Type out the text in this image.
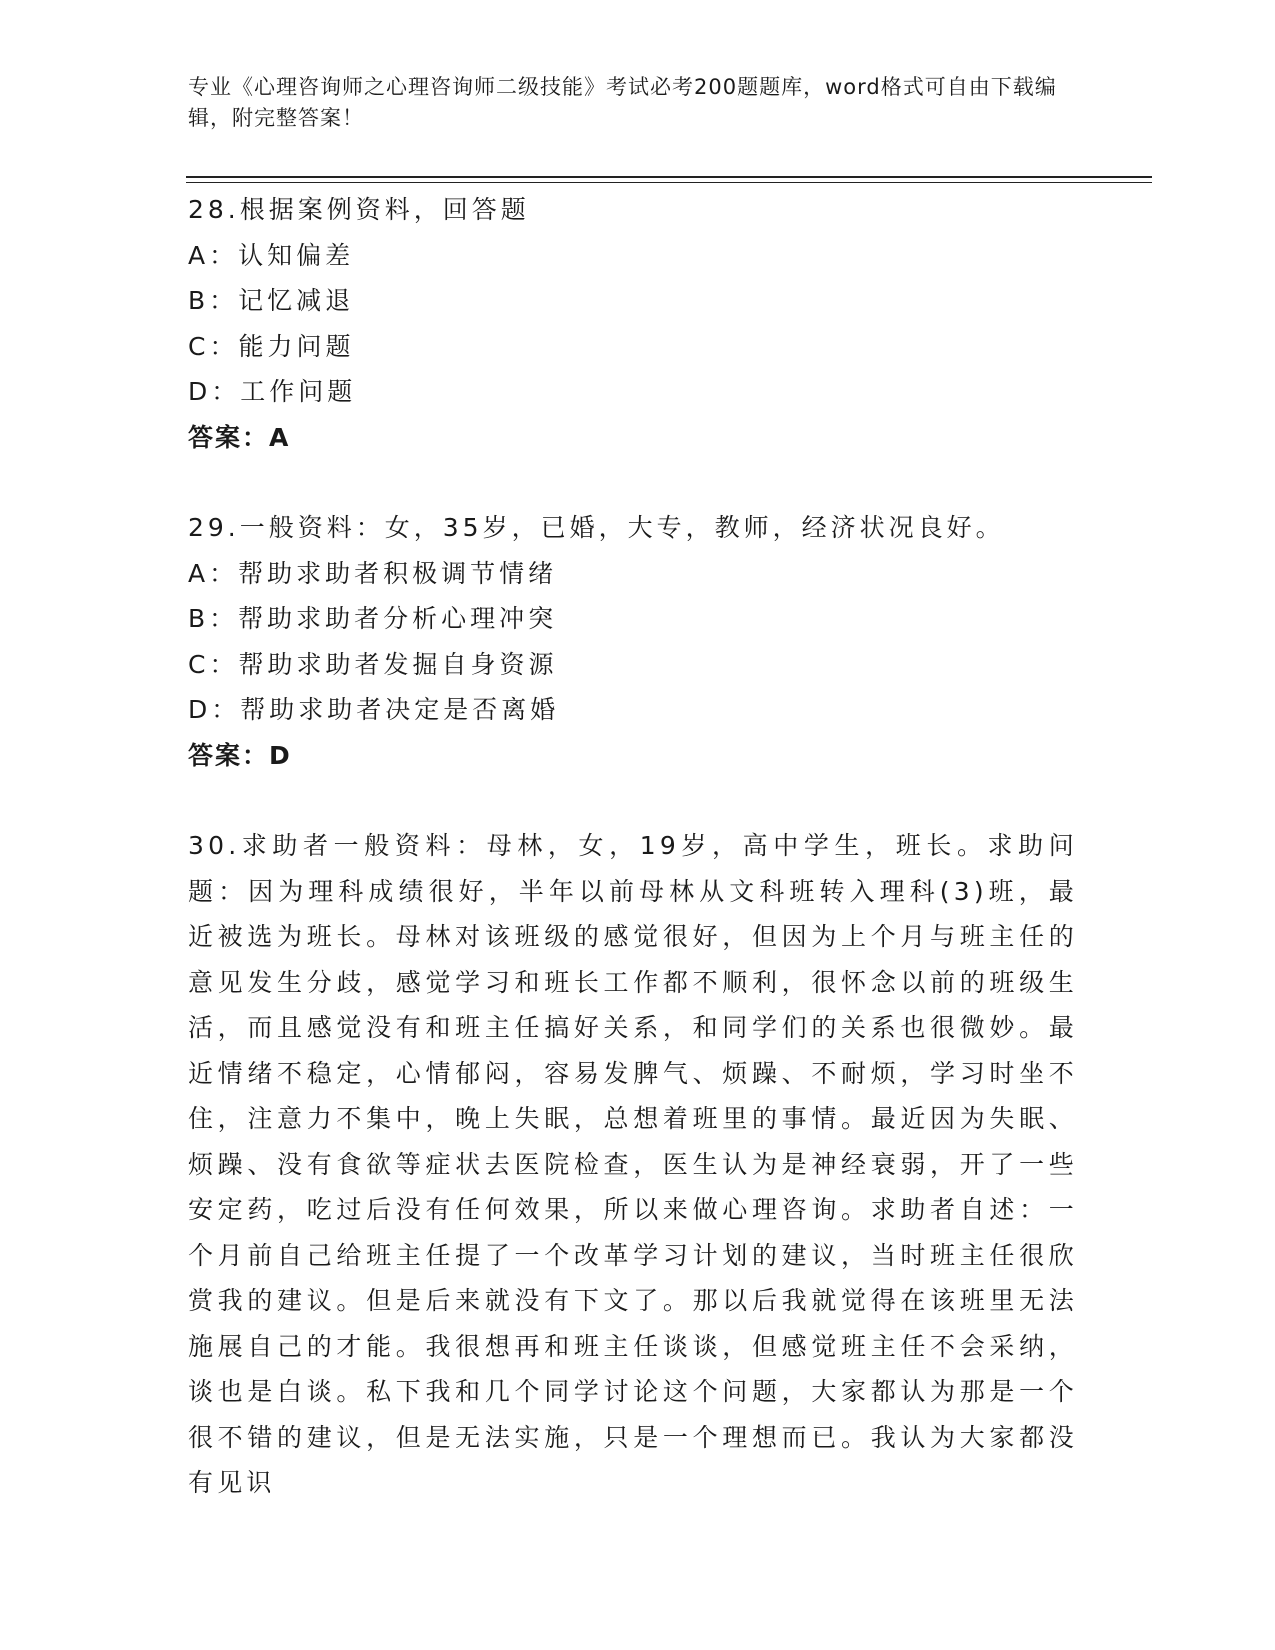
专业《心理咨询师之心理咨询师二级技能》考试必考200题题库，word格式可自由下载编辑，附完整答案！
28.根据案例资料，回答题
A：认知偏差
B：记忆减退
C：能力问题
D：工作问题
答案：A
29.一般资料：女，35岁，已婚，大专，教师，经济状况良好。
A：帮助求助者积极调节情绪
B：帮助求助者分析心理冲突
C：帮助求助者发掘自身资源
D：帮助求助者决定是否离婚
答案：D
30.求助者一般资料：母林，女，19岁，高中学生，班长。求助问题：因为理科成绩很好，半年以前母林从文科班转入理科(3)班，最近被选为班长。母林对该班级的感觉很好，但因为上个月与班主任的意见发生分歧，感觉学习和班长工作都不顺利，很怀念以前的班级生活，而且感觉没有和班主任搞好关系，和同学们的关系也很微妙。最近情绪不稳定，心情郁闷，容易发脾气、烦躁、不耐烦，学习时坐不住，注意力不集中，晚上失眠，总想着班里的事情。最近因为失眠、烦躁、没有食欲等症状去医院检查，医生认为是神经衰弱，开了一些安定药，吃过后没有任何效果，所以来做心理咨询。求助者自述：一个月前自己给班主任提了一个改革学习计划的建议，当时班主任很欣赏我的建议。但是后来就没有下文了。那以后我就觉得在该班里无法施展自己的才能。我很想再和班主任谈谈，但感觉班主任不会采纳，谈也是白谈。私下我和几个同学讨论这个问题，大家都认为那是一个很不错的建议，但是无法实施，只是一个理想而已。我认为大家都没有见识
